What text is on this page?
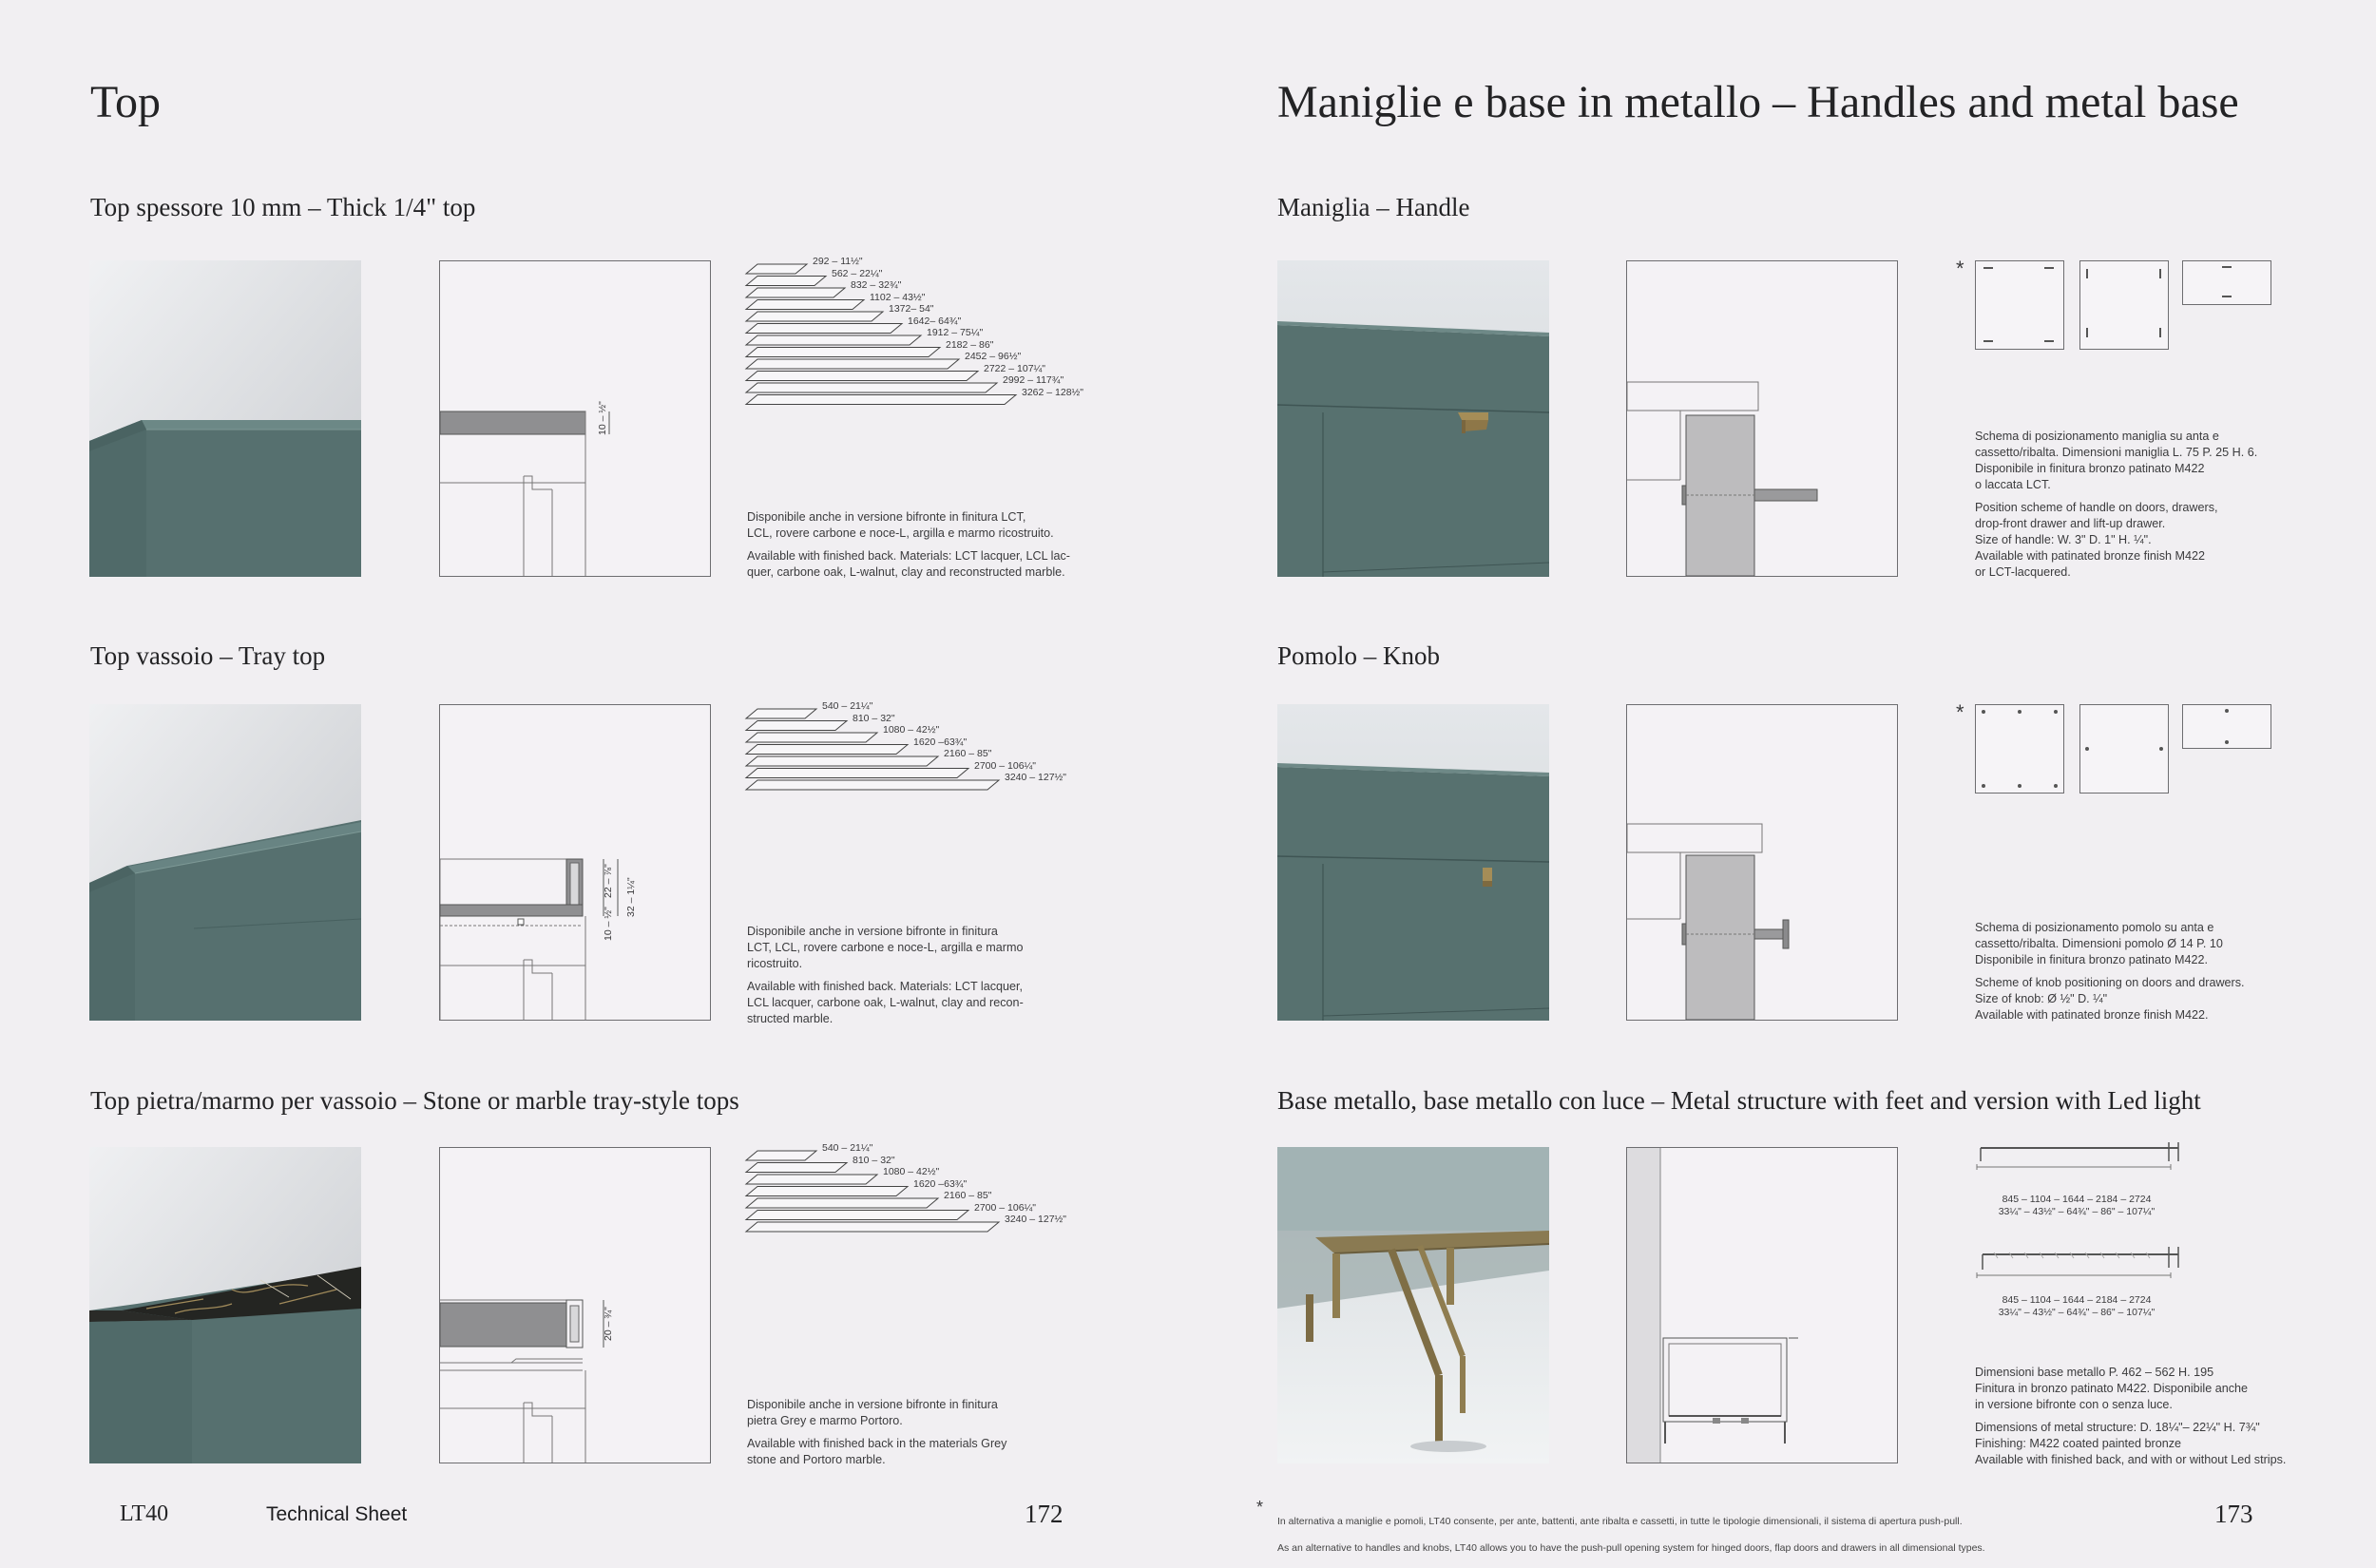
Top
Top spessore 10 mm – Thick 1/4" top
10 – ½"
292 – 11½"
562 – 22¼"
832 – 32¾"
1102 – 43½"
1372– 54"
1642– 64¾"
1912 – 75¼"
2182 – 86"
2452 – 96½"
2722 – 107¼"
2992 – 117¾"
3262 – 128½"

Disponibile anche in versione bifronte in finitura LCT,
LCL, rovere carbone e noce-L, argilla e marmo ricostruito.

Available with finished back. Materials: LCT lacquer, LCL lac-
quer, carbone oak, L-walnut, clay and reconstructed marble.

Top vassoio – Tray top
10 – ½"
22 – ⅞" 32 – 1¼"
540 – 21¼"
810 – 32"
1080 – 42½"
1620 –63¾"
2160 – 85"
2700 – 106¼"
3240 – 127½"

Disponibile anche in versione bifronte in finitura
LCT, LCL, rovere carbone e noce-L, argilla e marmo
ricostruito.

Available with finished back. Materials: LCT lacquer,
LCL lacquer, carbone oak, L-walnut, clay and recon-
structed marble.

Top pietra/marmo per vassoio – Stone or marble tray-style tops
20 – ¾"
540 – 21¼"
810 – 32"
1080 – 42½"
1620 –63¾"
2160 – 85"
2700 – 106¼"
3240 – 127½"

Disponibile anche in versione bifronte in finitura
pietra Grey e marmo Portoro.

Available with finished back in the materials Grey
stone and Portoro marble.

LT40	Technical Sheet	172
Maniglie e base in metallo – Handles and metal base
Maniglia – Handle
*

Schema di posizionamento maniglia su anta e
cassetto/ribalta. Dimensioni maniglia L. 75 P. 25 H. 6.
Disponibile in finitura bronzo patinato M422
o laccata LCT.

Position scheme of handle on doors, drawers,
drop-front drawer and lift-up drawer.
Size of handle: W. 3" D. 1" H. ¼".
Available with patinated bronze finish M422
or LCT-lacquered.

Pomolo – Knob
*

Schema di posizionamento pomolo su anta e
cassetto/ribalta. Dimensioni pomolo Ø 14 P. 10
Disponibile in finitura bronzo patinato M422.

Scheme of knob positioning on doors and drawers.
Size of knob: Ø ½" D. ¼"
Available with patinated bronze finish M422.

Base metallo, base metallo con luce – Metal structure with feet and version with Led light
845 – 1104 – 1644 – 2184 – 2724
33¼" – 43½" – 64¾" – 86" – 107¼"
845 – 1104 – 1644 – 2184 – 2724
33¼" – 43½" – 64¾" – 86" – 107¼"

Dimensioni base metallo P. 462 – 562 H. 195
Finitura in bronzo patinato M422. Disponibile anche
in versione bifronte con o senza luce.

Dimensions of metal structure: D. 18¼"– 22¼" H. 7¾"
Finishing: M422 coated painted bronze
Available with finished back, and with or without Led strips.

*

In alternativa a maniglie e pomoli, LT40 consente, per ante, battenti, ante ribalta e cassetti, in tutte le tipologie dimensionali, il sistema di apertura push-pull.

As an alternative to handles and knobs, LT40 allows you to have the push-pull opening system for hinged doors, flap doors and drawers in all dimensional types.

173
